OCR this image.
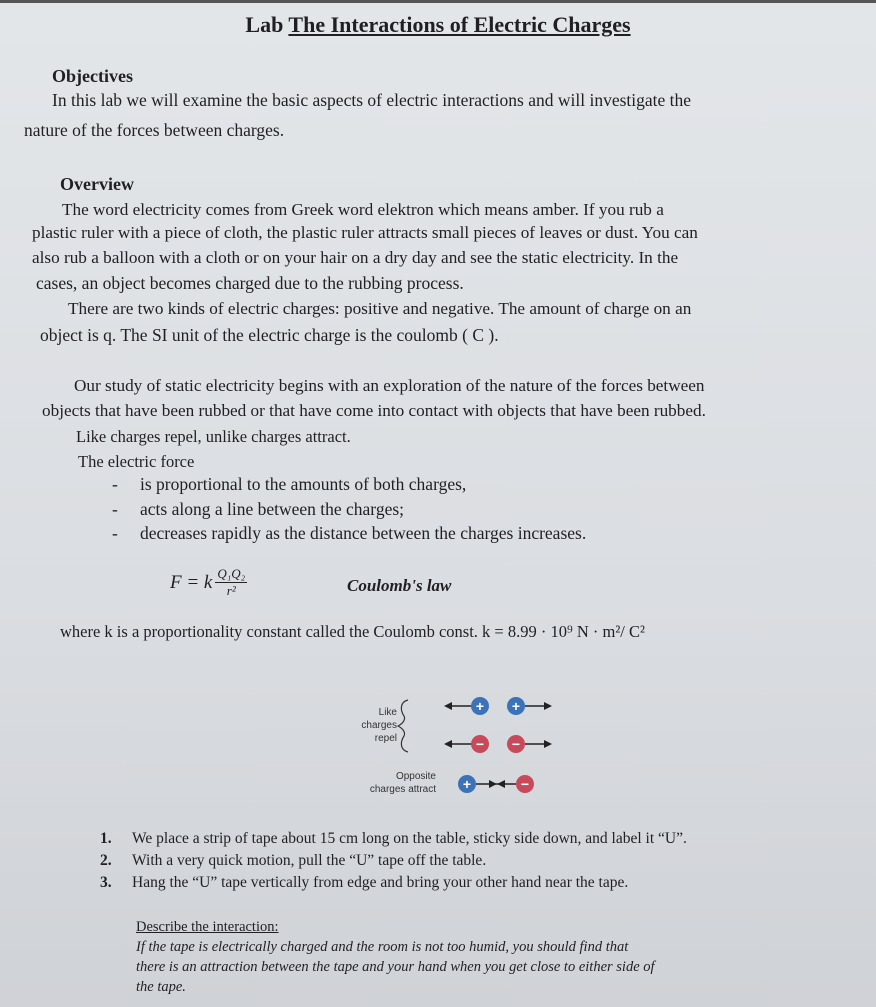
Lab The Interactions of Electric Charges
Objectives
In this lab we will examine the basic aspects of electric interactions and will investigate the
nature of the forces between charges.
Overview
The word electricity comes from Greek word elektron which means amber. If you rub a
plastic ruler with a piece of cloth, the plastic ruler attracts small pieces of leaves or dust. You can
also rub a balloon with a cloth or on your hair on a dry day and see the static electricity. In the
cases, an object becomes charged due to the rubbing process.
There are two kinds of electric charges: positive and negative. The amount of charge on an
object is q. The SI unit of the electric charge is the coulomb ( C ).
Our study of static electricity begins with an exploration of the nature of the forces between
objects that have been rubbed or that have come into contact with objects that have been rubbed.
Like charges repel, unlike charges attract.
The electric force
- is proportional to the amounts of both charges,
- acts along a line between the charges;
- decreases rapidly as the distance between the charges increases.
F = k $\frac{\text{Q₁Q₂}}{\text{r²}}$	Coulomb's law
where k is a proportionality constant called the Coulomb const. k = 8.99 · 10⁹ N · m²/ C²
Like
charges
repel
+ +
− −
Opposite
charges attract +	−
1.	We place a strip of tape about 15 cm long on the table, sticky side down, and label it “U”.
2.	With a very quick motion, pull the “U” tape off the table.
3.	Hang the “U” tape vertically from edge and bring your other hand near the tape.
Describe the interaction:
If the tape is electrically charged and the room is not too humid, you should find that
there is an attraction between the tape and your hand when you get close to either side of
the tape.
